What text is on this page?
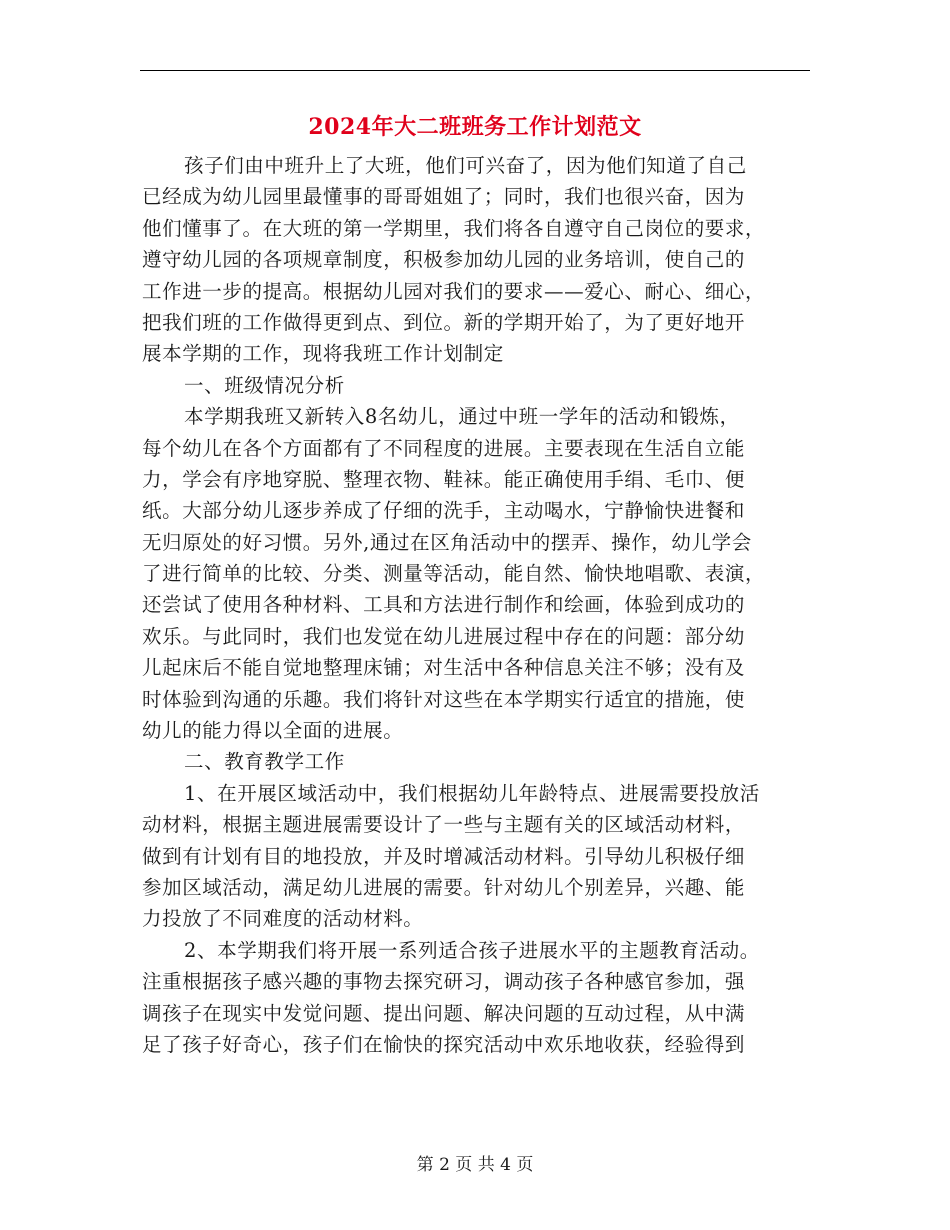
2024年大二班班务工作计划范文
孩子们由中班升上了大班，他们可兴奋了，因为他们知道了自己
已经成为幼儿园里最懂事的哥哥姐姐了；同时，我们也很兴奋，因为
他们懂事了。在大班的第一学期里，我们将各自遵守自己岗位的要求，
遵守幼儿园的各项规章制度，积极参加幼儿园的业务培训，使自己的
工作进一步的提高。根据幼儿园对我们的要求——爱心、耐心、细心，
把我们班的工作做得更到点、到位。新的学期开始了，为了更好地开
展本学期的工作，现将我班工作计划制定
一、班级情况分析
本学期我班又新转入8名幼儿，通过中班一学年的活动和锻炼，
每个幼儿在各个方面都有了不同程度的进展。主要表现在生活自立能
力，学会有序地穿脱、整理衣物、鞋袜。能正确使用手绢、毛巾、便
纸。大部分幼儿逐步养成了仔细的洗手，主动喝水，宁静愉快进餐和
无归原处的好习惯。另外,通过在区角活动中的摆弄、操作，幼儿学会
了进行简单的比较、分类、测量等活动，能自然、愉快地唱歌、表演，
还尝试了使用各种材料、工具和方法进行制作和绘画，体验到成功的
欢乐。与此同时，我们也发觉在幼儿进展过程中存在的问题：部分幼
儿起床后不能自觉地整理床铺；对生活中各种信息关注不够；没有及
时体验到沟通的乐趣。我们将针对这些在本学期实行适宜的措施，使
幼儿的能力得以全面的进展。
二、教育教学工作
1、在开展区域活动中，我们根据幼儿年龄特点、进展需要投放活
动材料，根据主题进展需要设计了一些与主题有关的区域活动材料，
做到有计划有目的地投放，并及时增减活动材料。引导幼儿积极仔细
参加区域活动，满足幼儿进展的需要。针对幼儿个别差异，兴趣、能
力投放了不同难度的活动材料。
2、本学期我们将开展一系列适合孩子进展水平的主题教育活动。
注重根据孩子感兴趣的事物去探究研习，调动孩子各种感官参加，强
调孩子在现实中发觉问题、提出问题、解决问题的互动过程，从中满
足了孩子好奇心，孩子们在愉快的探究活动中欢乐地收获，经验得到
第 2 页 共 4 页
